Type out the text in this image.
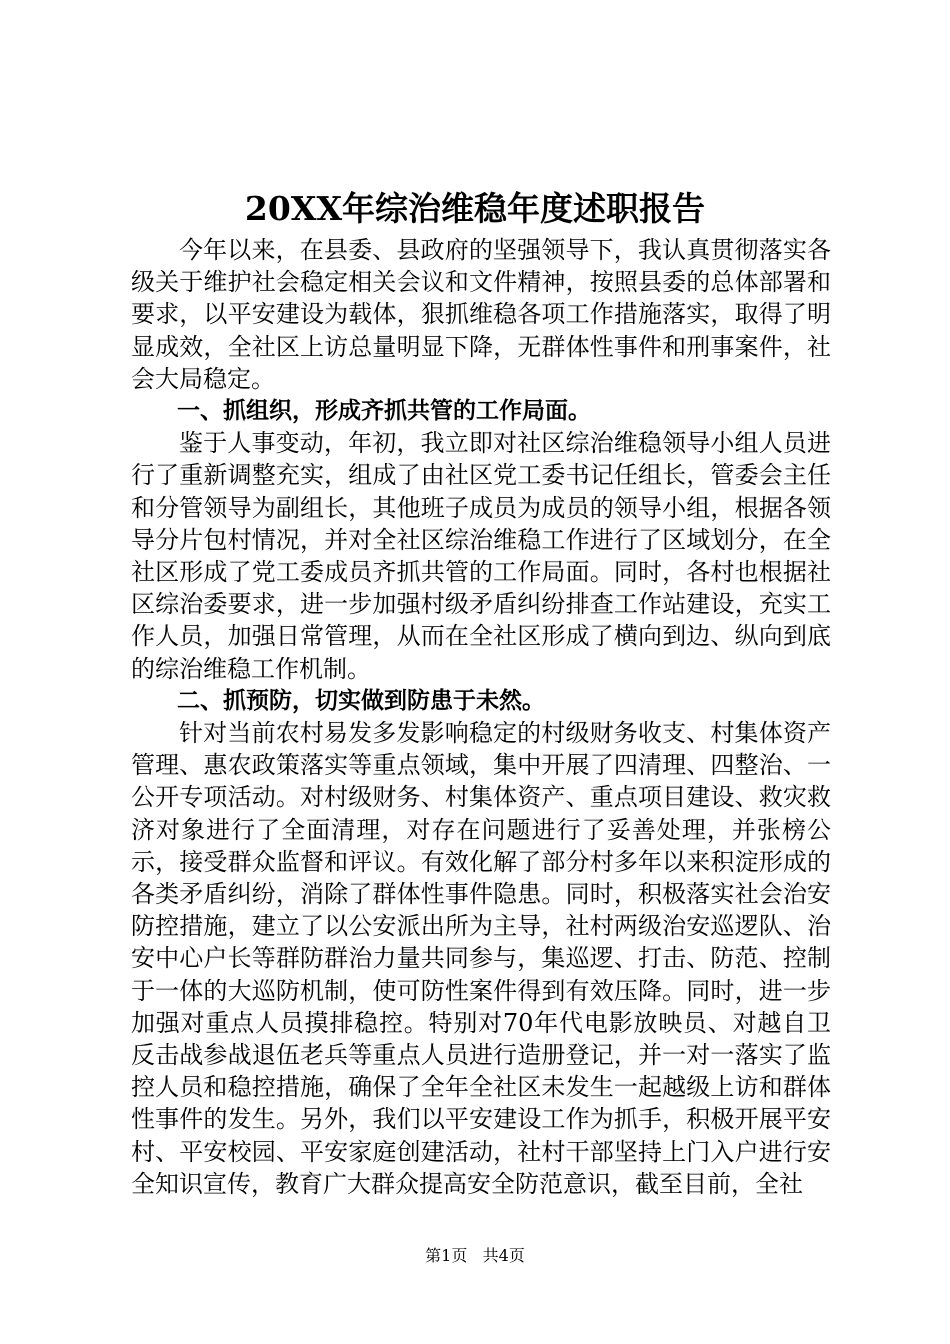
20XX年综治维稳年度述职报告

今年以来，在县委、县政府的坚强领导下，我认真贯彻落实各级关于维护社会稳定相关会议和文件精神，按照县委的总体部署和要求，以平安建设为载体，狠抓维稳各项工作措施落实，取得了明显成效，全社区上访总量明显下降，无群体性事件和刑事案件，社会大局稳定。

一、抓组织，形成齐抓共管的工作局面。

鉴于人事变动，年初，我立即对社区综治维稳领导小组人员进行了重新调整充实，组成了由社区党工委书记任组长，管委会主任和分管领导为副组长，其他班子成员为成员的领导小组，根据各领导分片包村情况，并对全社区综治维稳工作进行了区域划分，在全社区形成了党工委成员齐抓共管的工作局面。同时，各村也根据社区综治委要求，进一步加强村级矛盾纠纷排查工作站建设，充实工作人员，加强日常管理，从而在全社区形成了横向到边、纵向到底的综治维稳工作机制。

二、抓预防，切实做到防患于未然。

针对当前农村易发多发影响稳定的村级财务收支、村集体资产管理、惠农政策落实等重点领域，集中开展了四清理、四整治、一公开专项活动。对村级财务、村集体资产、重点项目建设、救灾救济对象进行了全面清理，对存在问题进行了妥善处理，并张榜公示，接受群众监督和评议。有效化解了部分村多年以来积淀形成的各类矛盾纠纷，消除了群体性事件隐患。同时，积极落实社会治安防控措施，建立了以公安派出所为主导，社村两级治安巡逻队、治安中心户长等群防群治力量共同参与，集巡逻、打击、防范、控制于一体的大巡防机制，使可防性案件得到有效压降。同时，进一步加强对重点人员摸排稳控。特别对70年代电影放映员、对越自卫反击战参战退伍老兵等重点人员进行造册登记，并一对一落实了监控人员和稳控措施，确保了全年全社区未发生一起越级上访和群体性事件的发生。另外，我们以平安建设工作为抓手，积极开展平安村、平安校园、平安家庭创建活动，社村干部坚持上门入户进行安全知识宣传，教育广大群众提高安全防范意识，截至目前，全社

第1页 共4页
